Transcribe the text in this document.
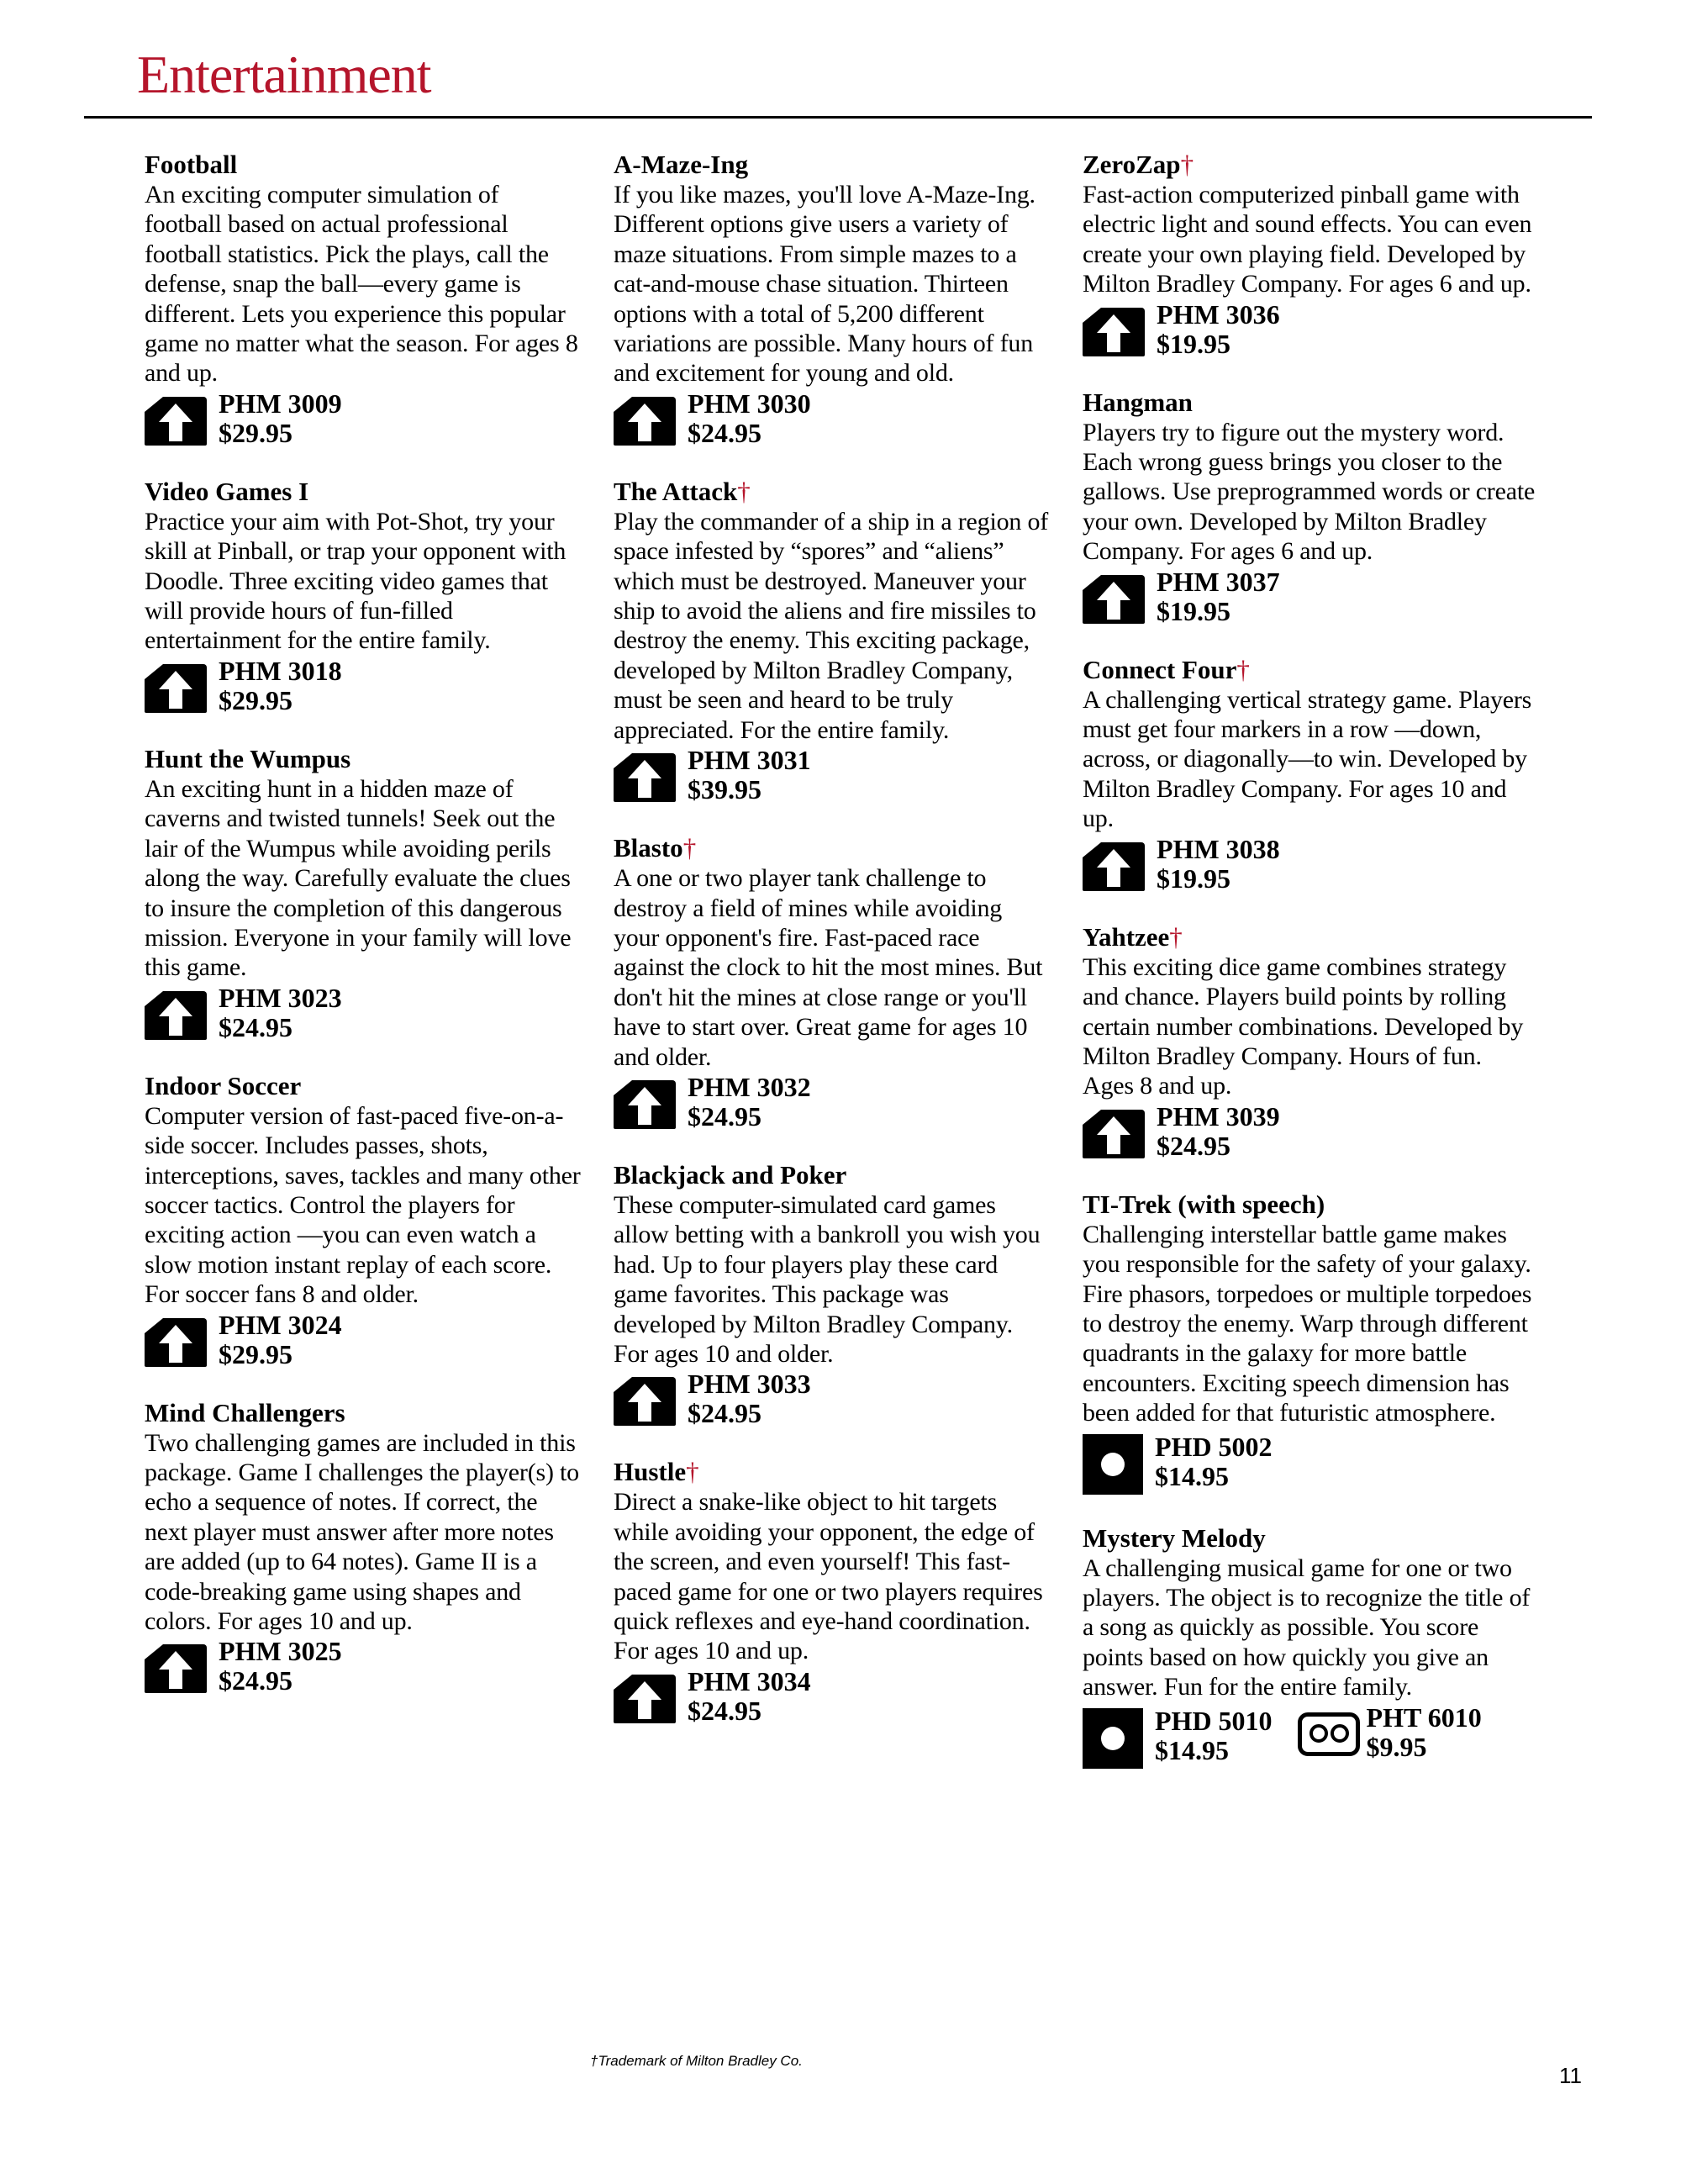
Entertainment
Football
An exciting computer simulation of football based on actual professional football statistics. Pick the plays, call the defense, snap the ball—every game is different. Lets you experience this popular game no matter what the season. For ages 8 and up.
PHM 3009
$29.95
Video Games I
Practice your aim with Pot-Shot, try your skill at Pinball, or trap your opponent with Doodle. Three exciting video games that will provide hours of fun-filled entertainment for the entire family.
PHM 3018
$29.95
Hunt the Wumpus
An exciting hunt in a hidden maze of caverns and twisted tunnels! Seek out the lair of the Wumpus while avoiding perils along the way. Carefully evaluate the clues to insure the completion of this dangerous mission. Everyone in your family will love this game.
PHM 3023
$24.95
Indoor Soccer
Computer version of fast-paced five-on-a-side soccer. Includes passes, shots, interceptions, saves, tackles and many other soccer tactics. Control the players for exciting action —you can even watch a slow motion instant replay of each score. For soccer fans 8 and older.
PHM 3024
$29.95
Mind Challengers
Two challenging games are included in this package. Game I challenges the player(s) to echo a sequence of notes. If correct, the next player must answer after more notes are added (up to 64 notes). Game II is a code-breaking game using shapes and colors. For ages 10 and up.
PHM 3025
$24.95
A-Maze-Ing
If you like mazes, you'll love A-Maze-Ing. Different options give users a variety of maze situations. From simple mazes to a cat-and-mouse chase situation. Thirteen options with a total of 5,200 different variations are possible. Many hours of fun and excitement for young and old.
PHM 3030
$24.95
The Attack†
Play the commander of a ship in a region of space infested by “spores” and “aliens” which must be destroyed. Maneuver your ship to avoid the aliens and fire missiles to destroy the enemy. This exciting package, developed by Milton Bradley Company, must be seen and heard to be truly appreciated. For the entire family.
PHM 3031
$39.95
Blasto†
A one or two player tank challenge to destroy a field of mines while avoiding your opponent's fire. Fast-paced race against the clock to hit the most mines. But don't hit the mines at close range or you'll have to start over. Great game for ages 10 and older.
PHM 3032
$24.95
Blackjack and Poker
These computer-simulated card games allow betting with a bankroll you wish you had. Up to four players play these card game favorites. This package was developed by Milton Bradley Company. For ages 10 and older.
PHM 3033
$24.95
Hustle†
Direct a snake-like object to hit targets while avoiding your opponent, the edge of the screen, and even yourself! This fast-paced game for one or two players requires quick reflexes and eye-hand coordination. For ages 10 and up.
PHM 3034
$24.95
ZeroZap†
Fast-action computerized pinball game with electric light and sound effects. You can even create your own playing field. Developed by Milton Bradley Company. For ages 6 and up.
PHM 3036
$19.95
Hangman
Players try to figure out the mystery word. Each wrong guess brings you closer to the gallows. Use preprogrammed words or create your own. Developed by Milton Bradley Company. For ages 6 and up.
PHM 3037
$19.95
Connect Four†
A challenging vertical strategy game. Players must get four markers in a row —down, across, or diagonally—to win. Developed by Milton Bradley Company. For ages 10 and up.
PHM 3038
$19.95
Yahtzee†
This exciting dice game combines strategy and chance. Players build points by rolling certain number combinations. Developed by Milton Bradley Company. Hours of fun. Ages 8 and up.
PHM 3039
$24.95
TI-Trek (with speech)
Challenging interstellar battle game makes you responsible for the safety of your galaxy. Fire phasors, torpedoes or multiple torpedoes to destroy the enemy. Warp through different quadrants in the galaxy for more battle encounters. Exciting speech dimension has been added for that futuristic atmosphere.
PHD 5002
$14.95
Mystery Melody
A challenging musical game for one or two players. The object is to recognize the title of a song as quickly as possible. You score points based on how quickly you give an answer. Fun for the entire family.
PHD 5010
$14.95
PHT 6010
$9.95
†Trademark of Milton Bradley Co.
11
